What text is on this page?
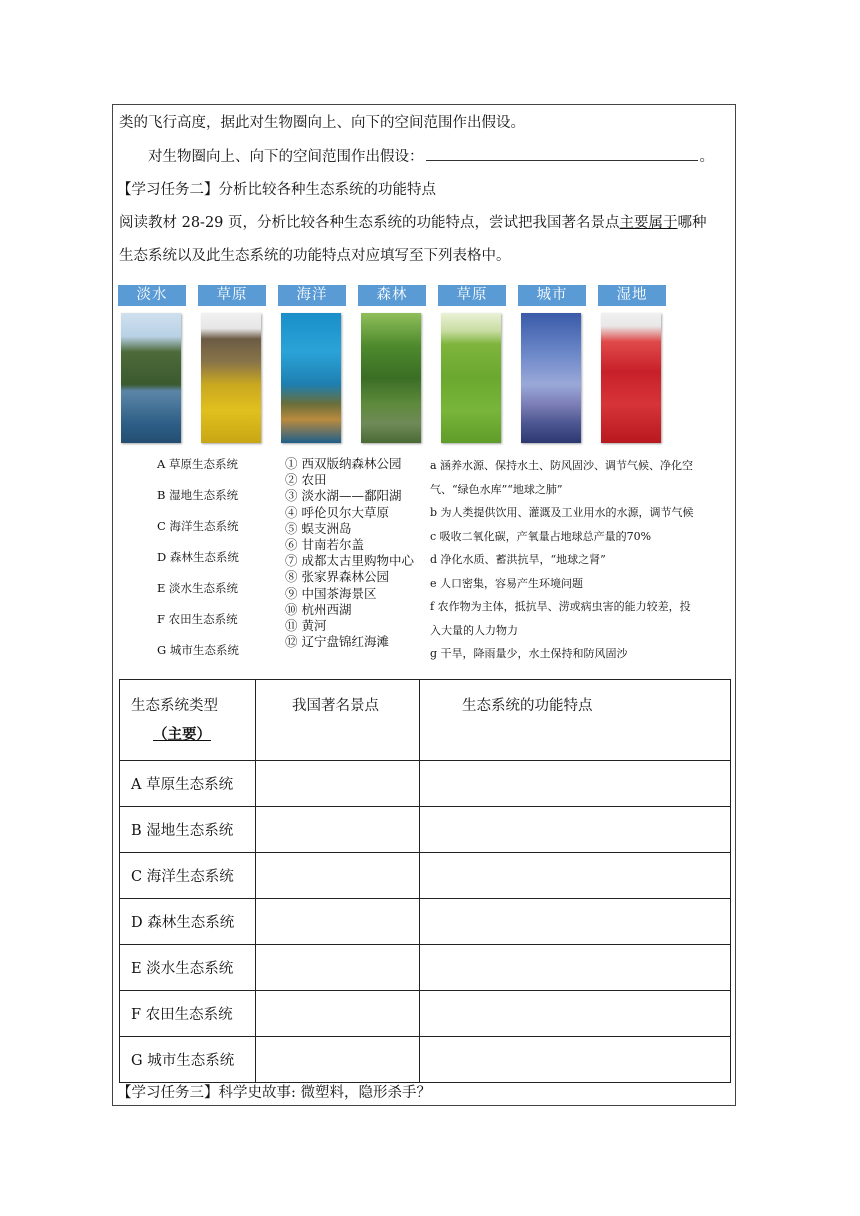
类的飞行高度，据此对生物圈向上、向下的空间范围作出假设。
对生物圈向上、向下的空间范围作出假设：	。
【学习任务二】分析比较各种生态系统的功能特点
阅读教材 28-29 页，分析比较各种生态系统的功能特点，尝试把我国著名景点主要属于哪种
生态系统以及此生态系统的功能特点对应填写至下列表格中。
淡水	草原	海洋	森林	草原	城市	湿地
A 草原生态系统
B 湿地生态系统
C 海洋生态系统
D 森林生态系统
E 淡水生态系统
F 农田生态系统
G 城市生态系统
① 西双版纳森林公园
② 农田
③ 淡水湖——鄱阳湖
④ 呼伦贝尔大草原
⑤ 蜈支洲岛
⑥ 甘南若尔盖
⑦ 成都太古里购物中心
⑧ 张家界森林公园
⑨ 中国茶海景区
⑩ 杭州西湖
⑪ 黄河
⑫ 辽宁盘锦红海滩
a 涵养水源、保持水土、防风固沙、调节气候、净化空
气、“绿色水库”“地球之肺”
b 为人类提供饮用、灌溉及工业用水的水源，调节气候
c 吸收二氧化碳，产氧量占地球总产量的70%
d 净化水质、蓄洪抗旱，“地球之肾”
e 人口密集，容易产生环境问题
f 农作物为主体，抵抗旱、涝或病虫害的能力较差，投
入大量的人力物力
g 干旱，降雨量少，水土保持和防风固沙
生态系统类型
（主要）	我国著名景点	生态系统的功能特点

A 草原生态系统		
B 湿地生态系统		
C 海洋生态系统		
D 森林生态系统		
E 淡水生态系统		
F 农田生态系统		
G 城市生态系统		
【学习任务三】科学史故事: 微塑料，隐形杀手？
